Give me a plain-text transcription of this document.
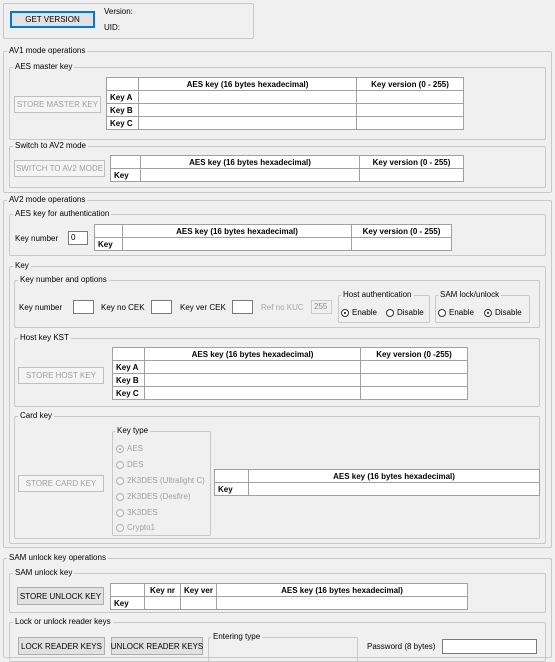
GET VERSION
Version:
UID:
AV1 mode operations
AES master key
STORE MASTER KEY
	AES key (16 bytes hexadecimal)	Key version (0 - 255)
Key A		
Key B		
Key C		
Switch to AV2 mode
SWITCH TO AV2 MODE
	AES key (16 bytes hexadecimal)	Key version (0 - 255)
Key		
AV2 mode operations
AES key for authentication
Key number	0
	AES key (16 bytes hexadecimal)	Key version (0 - 255)
Key		
Key
Key number and options
Key number	Key no CEK	Key ver CEK	Ref no KUC	255
Host authentication
Enable	Disable
SAM lock/unlock
Enable	Disable
Host key KST
STORE HOST KEY
	AES key (16 bytes hexadecimal)	Key version (0 -255)
Key A		
Key B		
Key C		
Card key
STORE CARD KEY
Key type
AES
DES
2K3DES (Ultralight C)
2K3DES (Desfire)
3K3DES
Crypto1
	AES key (16 bytes hexadecimal)
Key	
SAM unlock key operations
SAM unlock key
STORE UNLOCK KEY
	Key nr	Key ver	AES key (16 bytes hexadecimal)
Key			
Lock or unlock reader keys
LOCK READER KEYS	UNLOCK READER KEYS
Entering type
Password (8 bytes)
